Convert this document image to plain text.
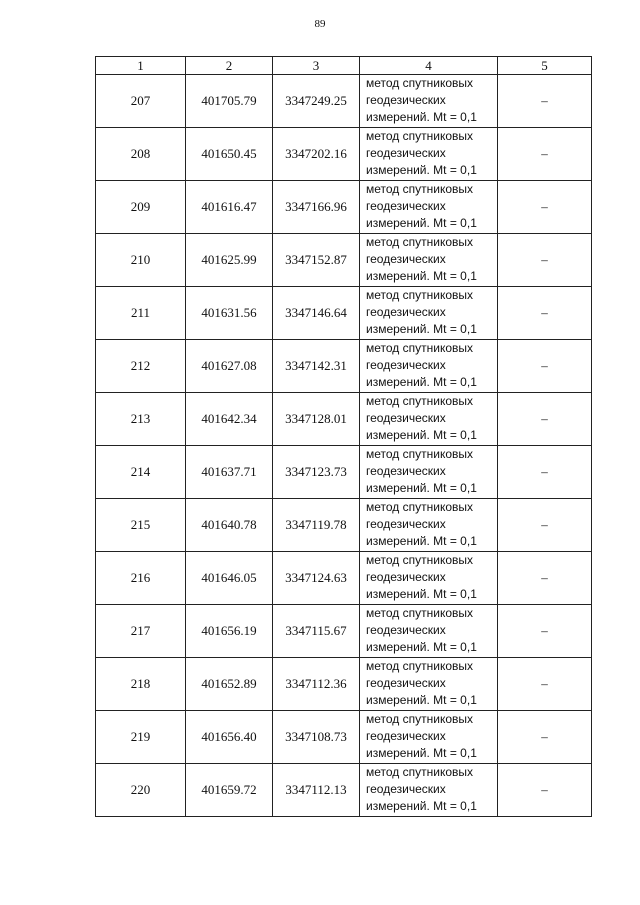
89
1	2	3	4	5
207	401705.79	3347249.25	метод спутниковых
геодезических
измерений. Mt = 0,1	–
208	401650.45	3347202.16	метод спутниковых
геодезических
измерений. Mt = 0,1	–
209	401616.47	3347166.96	метод спутниковых
геодезических
измерений. Mt = 0,1	–
210	401625.99	3347152.87	метод спутниковых
геодезических
измерений. Mt = 0,1	–
211	401631.56	3347146.64	метод спутниковых
геодезических
измерений. Mt = 0,1	–
212	401627.08	3347142.31	метод спутниковых
геодезических
измерений. Mt = 0,1	–
213	401642.34	3347128.01	метод спутниковых
геодезических
измерений. Mt = 0,1	–
214	401637.71	3347123.73	метод спутниковых
геодезических
измерений. Mt = 0,1	–
215	401640.78	3347119.78	метод спутниковых
геодезических
измерений. Mt = 0,1	–
216	401646.05	3347124.63	метод спутниковых
геодезических
измерений. Mt = 0,1	–
217	401656.19	3347115.67	метод спутниковых
геодезических
измерений. Mt = 0,1	–
218	401652.89	3347112.36	метод спутниковых
геодезических
измерений. Mt = 0,1	–
219	401656.40	3347108.73	метод спутниковых
геодезических
измерений. Mt = 0,1	–
220	401659.72	3347112.13	метод спутниковых
геодезических
измерений. Mt = 0,1	–
